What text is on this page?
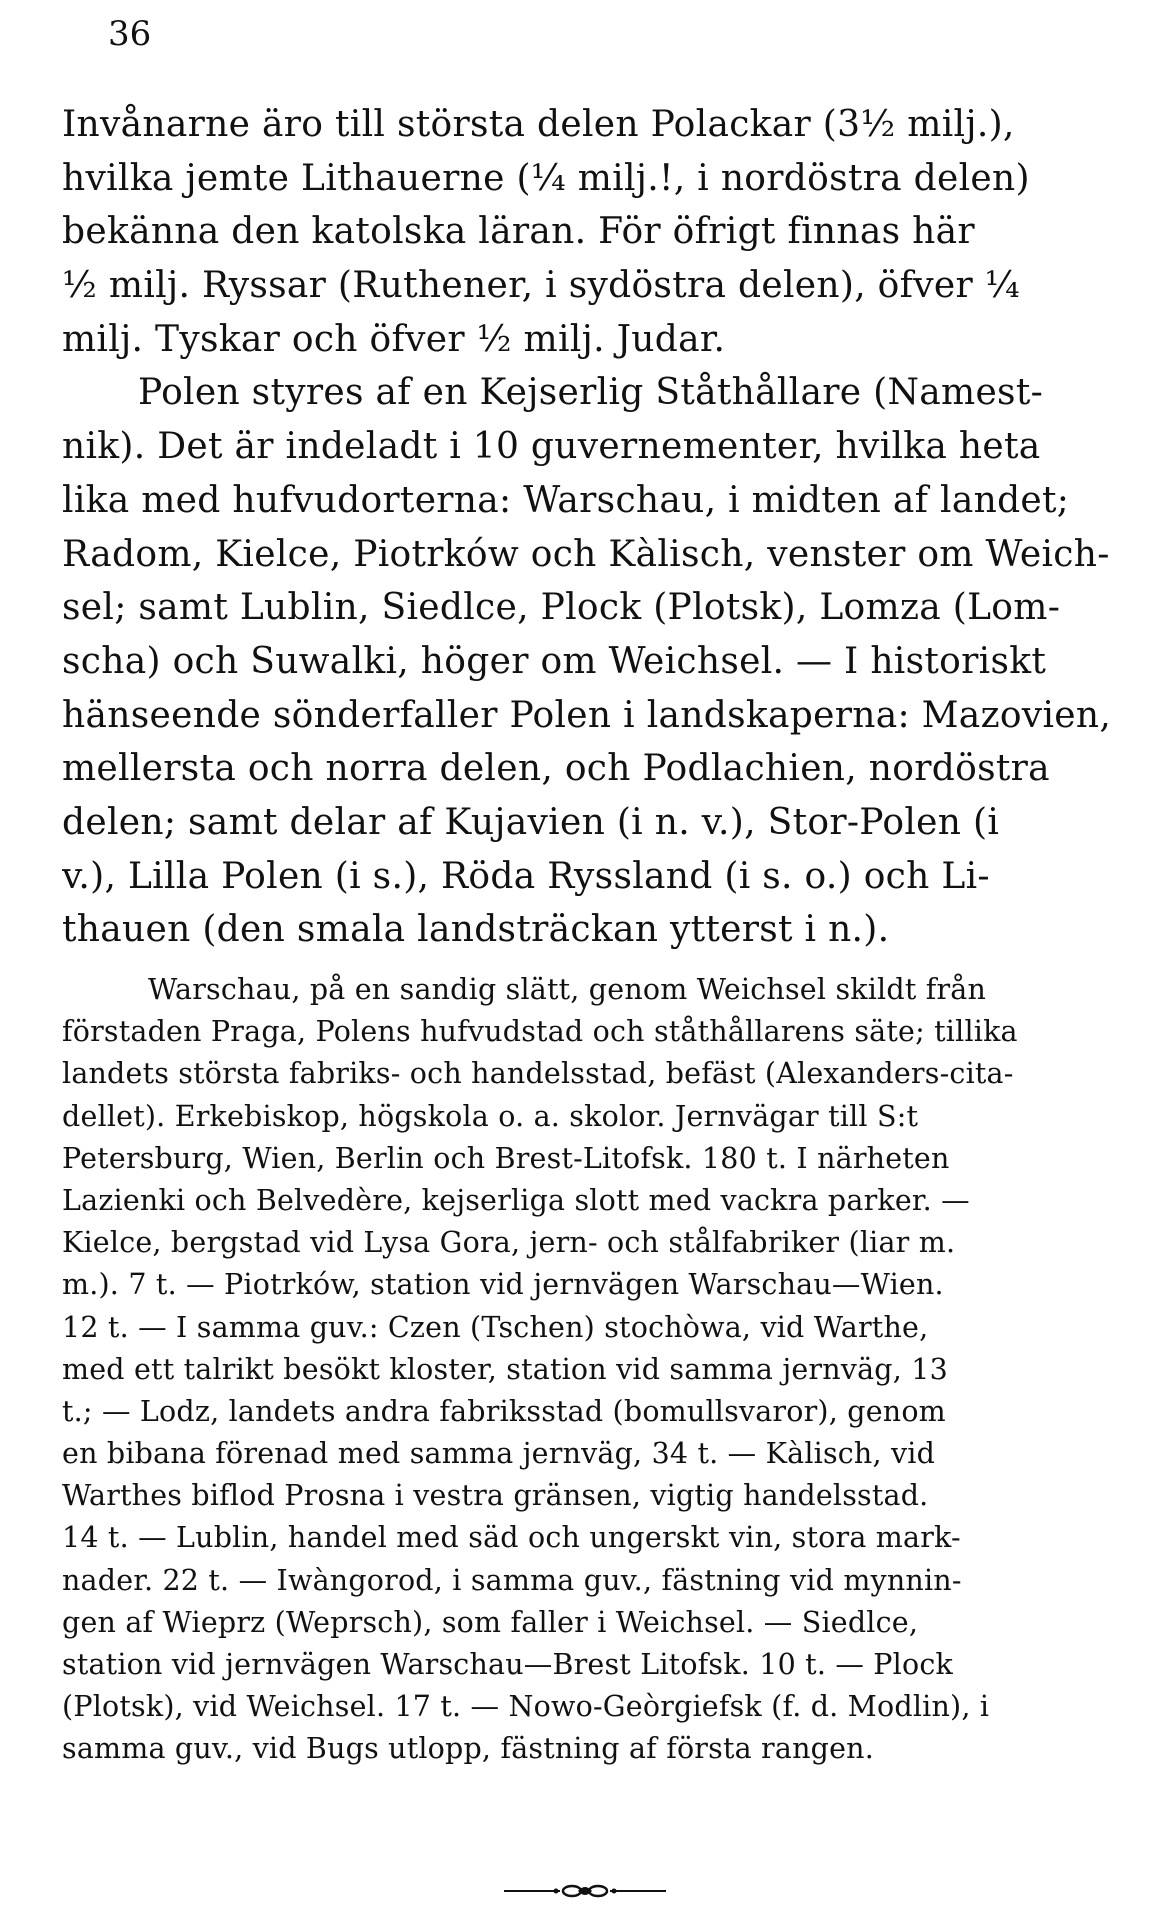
36
Invånarne äro till största delen Polackar (3½ milj.),
hvilka jemte Lithauerne (¼ milj.!, i nordöstra delen)
bekänna den katolska läran. För öfrigt finnas här
½ milj. Ryssar (Ruthener, i sydöstra delen), öfver ¼
milj. Tyskar och öfver ½ milj. Judar.
Polen styres af en Kejserlig Ståthållare (Namest-
nik). Det är indeladt i 10 guvernementer, hvilka heta
lika med hufvudorterna: Warschau, i midten af landet;
Radom, Kielce, Piotrków och Kàlisch, venster om Weich-
sel; samt Lublin, Siedlce, Plock (Plotsk), Lomza (Lom-
scha) och Suwalki, höger om Weichsel. — I historiskt
hänseende sönderfaller Polen i landskaperna: Mazovien,
mellersta och norra delen, och Podlachien, nordöstra
delen; samt delar af Kujavien (i n. v.), Stor-Polen (i
v.), Lilla Polen (i s.), Röda Ryssland (i s. o.) och Li-
thauen (den smala landsträckan ytterst i n.).
Warschau, på en sandig slätt, genom Weichsel skildt från
förstaden Praga, Polens hufvudstad och ståthållarens säte; tillika
landets största fabriks- och handelsstad, befäst (Alexanders-cita-
dellet). Erkebiskop, högskola o. a. skolor. Jernvägar till S:t
Petersburg, Wien, Berlin och Brest-Litofsk. 180 t. I närheten
Lazienki och Belvedère, kejserliga slott med vackra parker. —
Kielce, bergstad vid Lysa Gora, jern- och stålfabriker (liar m.
m.). 7 t. — Piotrków, station vid jernvägen Warschau—Wien.
12 t. — I samma guv.: Czen (Tschen) stochòwa, vid Warthe,
med ett talrikt besökt kloster, station vid samma jernväg, 13
t.; — Lodz, landets andra fabriksstad (bomullsvaror), genom
en bibana förenad med samma jernväg, 34 t. — Kàlisch, vid
Warthes biflod Prosna i vestra gränsen, vigtig handelsstad.
14 t. — Lublin, handel med säd och ungerskt vin, stora mark-
nader. 22 t. — Iwàngorod, i samma guv., fästning vid mynnin-
gen af Wieprz (Weprsch), som faller i Weichsel. — Siedlce,
station vid jernvägen Warschau—Brest Litofsk. 10 t. — Plock
(Plotsk), vid Weichsel. 17 t. — Nowo-Geòrgiefsk (f. d. Modlin), i
samma guv., vid Bugs utlopp, fästning af första rangen.
